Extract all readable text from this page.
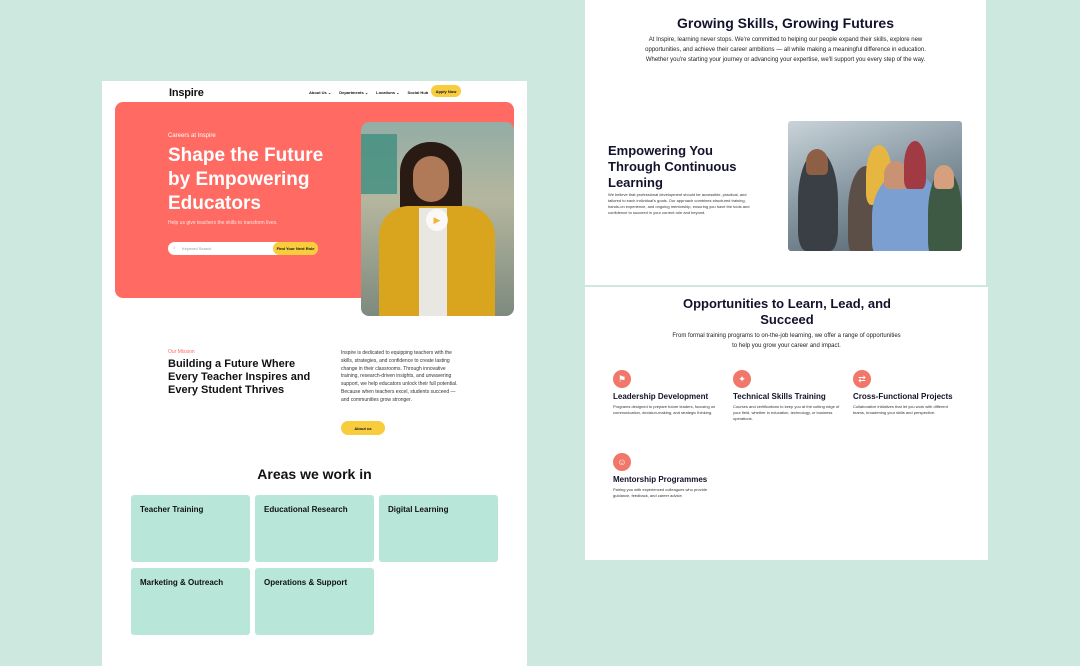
Inspire	About Us ⌄ Departments ⌄ Locations ⌄ Social Hub	Apply Now
Careers at Inspire
Help us give teachers the skills to transform lives.
Shape the Future by Empowering Educators
⌕ Keyword Search	Find Your Next Role
▶
Our Mission
Building a Future Where Every Teacher Inspires and Every Student Thrives
Inspire is dedicated to equipping teachers with the skills, strategies, and confidence to create lasting change in their classrooms. Through innovative training, research-driven insights, and unwavering support, we help educators unlock their full potential. Because when teachers excel, students succeed — and communities grow stronger.
About us
Areas we work in
Teacher Training	Educational Research	Digital Learning
Marketing & Outreach	Operations & Support
Growing Skills, Growing Futures
At Inspire, learning never stops. We're committed to helping our people expand their skills, explore new opportunities, and achieve their career ambitions — all while making a meaningful difference in education. Whether you're starting your journey or advancing your expertise, we'll support you every step of the way.
Empowering You Through Continuous Learning
We believe that professional development should be accessible, practical, and tailored to each individual's goals. Our approach combines structured training, hands-on experience, and ongoing mentorship, ensuring you have the tools and confidence to succeed in your current role and beyond.
Opportunities to Learn, Lead, and Succeed
From formal training programs to on-the-job learning, we offer a range of opportunities to help you grow your career and impact.
⚑
Leadership Development
Programs designed to prepare future leaders, focusing on communication, decision-making, and strategic thinking.
✦
Technical Skills Training
Courses and certifications to keep you at the cutting edge of your field, whether in education, technology, or business operations.
⇄
Cross-Functional Projects
Collaborative initiatives that let you work with different teams, broadening your skills and perspective.
☺
Mentorship Programmes
Pairing you with experienced colleagues who provide guidance, feedback, and career advice.
